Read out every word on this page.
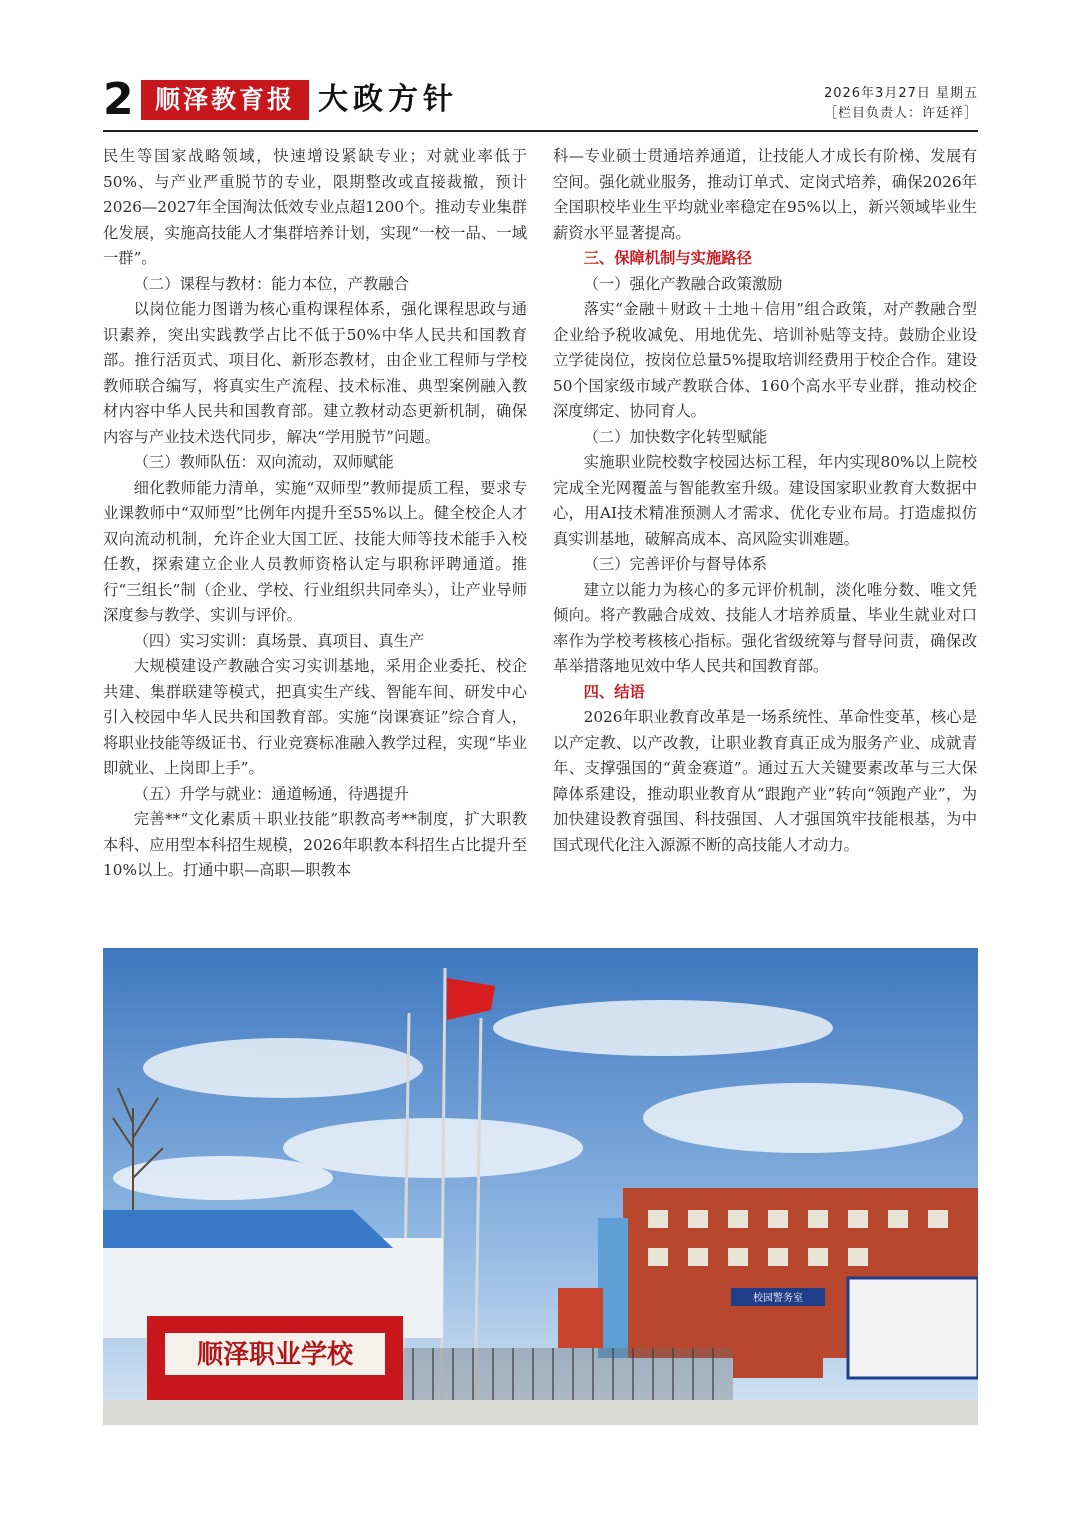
2 顺泽教育报 大政方针	2026年3月27日 星期五
［栏目负责人：许廷祥］

民生等国家战略领域，快速增设紧缺专业；对就业率低于50%、与产业严重脱节的专业，限期整改或直接裁撤，预计2026—2027年全国淘汰低效专业点超1200个。推动专业集群化发展，实施高技能人才集群培养计划，实现“一校一品、一域一群”。

（二）课程与教材：能力本位，产教融合

以岗位能力图谱为核心重构课程体系，强化课程思政与通识素养，突出实践教学占比不低于50%中华人民共和国教育部。推行活页式、项目化、新形态教材，由企业工程师与学校教师联合编写，将真实生产流程、技术标准、典型案例融入教材内容中华人民共和国教育部。建立教材动态更新机制，确保内容与产业技术迭代同步，解决“学用脱节”问题。

（三）教师队伍：双向流动，双师赋能

细化教师能力清单，实施“双师型”教师提质工程，要求专业课教师中“双师型”比例年内提升至55%以上。健全校企人才双向流动机制，允许企业大国工匠、技能大师等技术能手入校任教，探索建立企业人员教师资格认定与职称评聘通道。推行“三组长”制（企业、学校、行业组织共同牵头），让产业导师深度参与教学、实训与评价。

（四）实习实训：真场景、真项目、真生产

大规模建设产教融合实习实训基地，采用企业委托、校企共建、集群联建等模式，把真实生产线、智能车间、研发中心引入校园中华人民共和国教育部。实施“岗课赛证”综合育人，将职业技能等级证书、行业竞赛标准融入教学过程，实现“毕业即就业、上岗即上手”。

（五）升学与就业：通道畅通，待遇提升

完善**“文化素质＋职业技能”职教高考**制度，扩大职教本科、应用型本科招生规模，2026年职教本科招生占比提升至10%以上。打通中职—高职—职教本

科—专业硕士贯通培养通道，让技能人才成长有阶梯、发展有空间。强化就业服务，推动订单式、定岗式培养，确保2026年全国职校毕业生平均就业率稳定在95%以上，新兴领域毕业生薪资水平显著提高。

三、保障机制与实施路径
（一）强化产教融合政策激励

落实“金融＋财政＋土地＋信用”组合政策，对产教融合型企业给予税收减免、用地优先、培训补贴等支持。鼓励企业设立学徒岗位，按岗位总量5%提取培训经费用于校企合作。建设50个国家级市域产教联合体、160个高水平专业群，推动校企深度绑定、协同育人。

（二）加快数字化转型赋能

实施职业院校数字校园达标工程，年内实现80%以上院校完成全光网覆盖与智能教室升级。建设国家职业教育大数据中心，用AI技术精准预测人才需求、优化专业布局。打造虚拟仿真实训基地，破解高成本、高风险实训难题。

（三）完善评价与督导体系

建立以能力为核心的多元评价机制，淡化唯分数、唯文凭倾向。将产教融合成效、技能人才培养质量、毕业生就业对口率作为学校考核核心指标。强化省级统筹与督导问责，确保改革举措落地见效中华人民共和国教育部。

四、结语

2026年职业教育改革是一场系统性、革命性变革，核心是以产定教、以产改教，让职业教育真正成为服务产业、成就青年、支撑强国的“黄金赛道”。通过五大关键要素改革与三大保障体系建设，推动职业教育从“跟跑产业”转向“领跑产业”，为加快建设教育强国、科技强国、人才强国筑牢技能根基，为中国式现代化注入源源不断的高技能人才动力。

校园警务室
警务室
顺泽职业学校
